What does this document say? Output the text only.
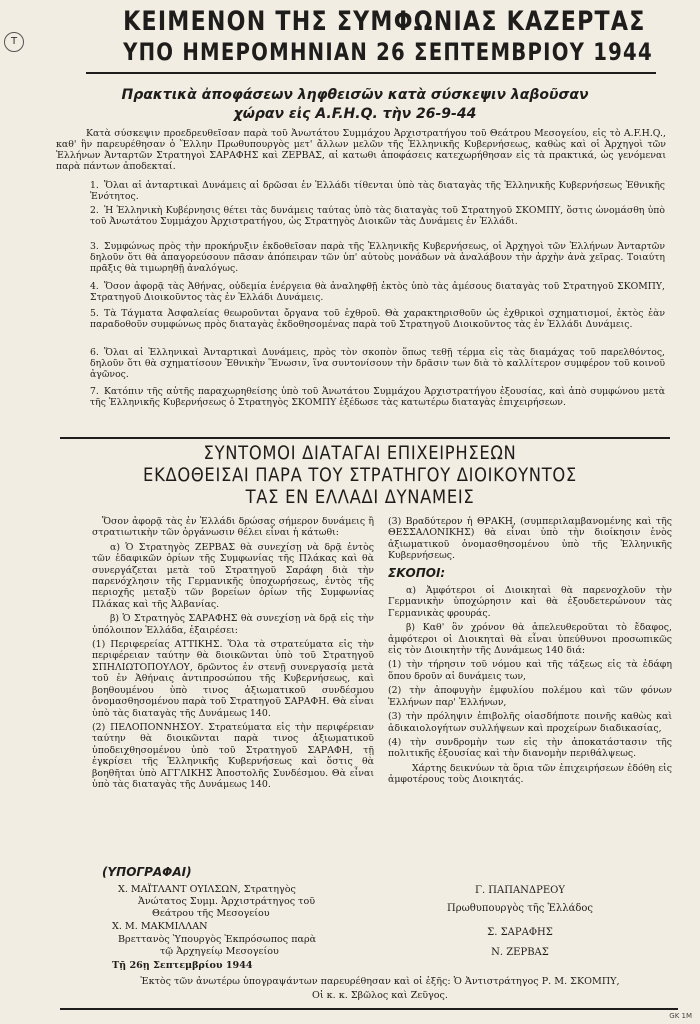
T
ΚΕΙΜΕΝΟΝ ΤΗΣ ΣΥΜΦΩΝΙΑΣ ΚΑΖΕΡΤΑΣ
ΥΠΟ ΗΜΕΡΟΜΗΝΙΑΝ 26 ΣΕΠΤΕΜΒΡΙΟΥ 1944
Πρακτικὰ ἀποφάσεων ληφθεισῶν κατὰ σύσκεψιν λαβοῦσαν
χώραν εἰς A.F.H.Q. τὴν 26-9-44
Κατὰ σύσκεψιν προεδρευθεῖσαν παρὰ τοῦ Ἀνωτάτου Συμμάχου Ἀρχιστρατήγου τοῦ Θεάτρου Μεσογείου, εἰς τὸ A.F.H.Q., καθ' ἣν παρευρέθησαν ὁ Ἕλλην Πρωθυπουργὸς μετ' ἄλλων μελῶν τῆς Ἑλληνικῆς Κυβερνήσεως, καθὼς καὶ οἱ Ἀρχηγοὶ τῶν Ἑλλήνων Ἀνταρτῶν Στρατηγοὶ ΣΑΡΑΦΗΣ καὶ ΖΕΡΒΑΣ, αἱ κατωθι ἀποφάσεις κατεχωρήθησαν εἰς τὰ πρακτικά, ὡς γενόμεναι παρὰ πάντων ἀποδεκταί.
1. Ὅλαι αἱ ἀνταρτικαὶ Δυνάμεις αἱ δρῶσαι ἐν Ἑλλάδι τίθενται ὑπὸ τὰς διαταγὰς τῆς Ἑλληνικῆς Κυβερνήσεως Ἐθνικῆς Ἑνότητος.
2. Ἡ Ἑλληνικὴ Κυβέρνησις θέτει τὰς δυνάμεις ταύτας ὑπὸ τὰς διαταγὰς τοῦ Στρατηγοῦ ΣΚΟΜΠΥ, ὅστις ὠνομάσθη ὑπὸ τοῦ Ἀνωτάτου Συμμάχου Ἀρχιστρατήγου, ὡς Στρατηγὸς Διοικῶν τὰς Δυνάμεις ἐν Ἑλλάδι.
3. Συμφώνως πρὸς τὴν προκήρυξιν ἐκδοθεῖσαν παρὰ τῆς Ἑλληνικῆς Κυβερνήσεως, οἱ Ἀρχηγοὶ τῶν Ἑλλήνων Ἀνταρτῶν δηλοῦν ὅτι θὰ ἀπαγορεύσουν πᾶσαν ἀπόπειραν τῶν ὑπ' αὐτοὺς μονάδων νὰ ἀναλάβουν τὴν ἀρχὴν ἀνὰ χεῖρας. Τοιαύτη πρᾶξις θὰ τιμωρηθῇ ἀναλόγως.
4. Ὅσον ἀφορᾷ τὰς Ἀθήνας, οὐδεμία ἐνέργεια θὰ ἀναληφθῇ ἐκτὸς ὑπὸ τὰς ἀμέσους διαταγὰς τοῦ Στρατηγοῦ ΣΚΟΜΠΥ, Στρατηγοῦ Διοικοῦντος τὰς ἐν Ἑλλάδι Δυνάμεις.
5. Τὰ Τάγματα Ἀσφαλείας θεωροῦνται ὄργανα τοῦ ἐχθροῦ. Θὰ χαρακτηρισθοῦν ὡς ἐχθρικοὶ σχηματισμοί, ἐκτὸς ἐὰν παραδοθοῦν συμφώνως πρὸς διαταγὰς ἐκδοθησομένας παρὰ τοῦ Στρατηγοῦ Διοικοῦντος τὰς ἐν Ἑλλάδι Δυνάμεις.
6. Ὅλαι αἱ Ἑλληνικαὶ Ἀνταρτικαὶ Δυνάμεις, πρὸς τὸν σκοπὸν ὅπως τεθῇ τέρμα εἰς τὰς διαμάχας τοῦ παρελθόντος, δηλοῦν ὅτι θὰ σχηματίσουν Ἐθνικὴν Ἕνωσιν, ἵνα συντονίσουν τὴν δρᾶσιν των διὰ τὸ καλλίτερον συμφέρον τοῦ κοινοῦ ἀγῶνος.
7. Κατόπιν τῆς αὐτῆς παραχωρηθείσης ὑπὸ τοῦ Ἀνωτάτου Συμμάχου Ἀρχιστρατήγου ἐξουσίας, καὶ ἀπὸ συμφώνου μετὰ τῆς Ἑλληνικῆς Κυβερνήσεως ὁ Στρατηγὸς ΣΚΟΜΠΥ ἐξέδωσε τὰς κατωτέρω διαταγὰς ἐπιχειρήσεων.
ΣΥΝΤΟΜΟΙ ΔΙΑΤΑΓΑΙ ΕΠΙΧΕΙΡΗΣΕΩΝ
ΕΚΔΟΘΕΙΣΑΙ ΠΑΡΑ ΤΟΥ ΣΤΡΑΤΗΓΟΥ ΔΙΟΙΚΟΥΝΤΟΣ
ΤΑΣ ΕΝ ΕΛΛΑΔΙ ΔΥΝΑΜΕΙΣ

Ὅσον ἀφορᾷ τὰς ἐν Ἑλλάδι δρώσας σήμερον δυνάμεις ἢ στρατιωτικὴν τῶν ὀργάνωσιν θέλει εἶναι ἡ κάτωθι:

α) Ὁ Στρατηγὸς ΖΕΡΒΑΣ θὰ συνεχίσῃ νὰ δρᾷ ἐντὸς τῶν ἐδαφικῶν ὁρίων τῆς Συμφωνίας τῆς Πλάκας καὶ θὰ συνεργάζεται μετὰ τοῦ Στρατηγοῦ Σαράφη διὰ τὴν παρενόχλησιν τῆς Γερμανικῆς ὑποχωρήσεως, ἐντὸς τῆς περιοχῆς μεταξὺ τῶν βορείων ὁρίων τῆς Συμφωνίας Πλάκας καὶ τῆς Ἀλβανίας.

β) Ὁ Στρατηγὸς ΣΑΡΑΦΗΣ θὰ συνεχίσῃ νὰ δρᾷ εἰς τὴν ὑπόλοιπον Ἑλλάδα, ἐξαιρέσει:

(1) Περιφερείας ΑΤΤΙΚΗΣ. Ὅλα τὰ στρατεύματα εἰς τὴν περιφέρειαν ταύτην θὰ διοικῶνται ὑπὸ τοῦ Στρατηγοῦ ΣΠΗΛΙΩΤΟΠΟΥΛΟΥ, δρῶντος ἐν στενῇ συνεργασίᾳ μετὰ τοῦ ἐν Ἀθήναις ἀντιπροσώπου τῆς Κυβερνήσεως, καὶ βοηθουμένου ὑπὸ τινος ἀξιωματικοῦ συνδέσμου ὀνομασθησομένου παρὰ τοῦ Στρατηγοῦ ΣΑΡΑΦΗ. Θὰ εἶναι ὑπὸ τὰς διαταγὰς τῆς Δυνάμεως 140.

(2) ΠΕΛΟΠΟΝΝΗΣΟΥ. Στρατεύματα εἰς τὴν περιφέρειαν ταύτην θὰ διοικῶνται παρὰ τινος ἀξιωματικοῦ ὑποδειχθησομένου ὑπὸ τοῦ Στρατηγοῦ ΣΑΡΑΦΗ, τῇ ἐγκρίσει τῆς Ἑλληνικῆς Κυβερνήσεως καὶ ὅστις θὰ βοηθῆται ὑπὸ ΑΓΓΛΙΚΗΣ Ἀποστολῆς Συνδέσμου. Θὰ εἶναι ὑπὸ τὰς διαταγὰς τῆς Δυνάμεως 140.

(3) Βραδύτερον ἡ ΘΡΑΚΗ, (συμπεριλαμβανομένης καὶ τῆς ΘΕΣΣΑΛΟΝΙΚΗΣ) θὰ εἶναι ὑπὸ τὴν διοίκησιν ἑνὸς ἀξιωματικοῦ ὀνομασθησομένου ὑπὸ τῆς Ἑλληνικῆς Κυβερνήσεως.

ΣΚΟΠΟΙ:

α) Ἀμφότεροι οἱ Διοικηταὶ θὰ παρενοχλοῦν τὴν Γερμανικὴν ὑποχώρησιν καὶ θὰ ἐξουδετερώνουν τὰς Γερμανικὰς φρουράς.

β) Καθ' ὃν χρόνον θὰ ἀπελευθεροῦται τὸ ἔδαφος, ἀμφότεροι οἱ Διοικηταὶ θὰ εἶναι ὑπεύθυνοι προσωπικῶς εἰς τὸν Διοικητὴν τῆς Δυνάμεως 140 διά:

(1) τὴν τήρησιν τοῦ νόμου καὶ τῆς τάξεως εἰς τὰ ἐδάφη ὅπου δροῦν αἱ δυνάμεις των,

(2) τὴν ἀποφυγὴν ἐμφυλίου πολέμου καὶ τῶν φόνων Ἑλλήνων παρ' Ἑλλήνων,

(3) τὴν πρόληψιν ἐπιβολῆς οἱασδήποτε ποινῆς καθὼς καὶ ἀδικαιολογήτων συλλήψεων καὶ προχείρων διαδικασίας,

(4) τὴν συνδρομὴν των εἰς τὴν ἀποκατάστασιν τῆς πολιτικῆς ἐξουσίας καὶ τὴν διανομὴν περιθάλψεως.

Χάρτης δεικνύων τὰ ὅρια τῶν ἐπιχειρήσεων ἐδόθη εἰς ἀμφοτέρους τοὺς Διοικητάς.

(ΥΠΟΓΡΑΦΑΙ)
Χ. ΜΑΪΤΛΑΝΤ ΟΥΙΛΣΩΝ, Στρατηγὸς
Ἀνώτατος Συμμ. Ἀρχιστράτηγος τοῦ
Θεάτρου τῆς Μεσογείου
Χ. Μ. ΜΑΚΜΙΛΛΑΝ
Βρεττανὸς Ὑπουργὸς Ἐκπρόσωπος παρὰ
τῷ Ἀρχηγείῳ Μεσογείου
Τῇ 26ῃ Σεπτεμβρίου 1944
Γ. ΠΑΠΑΝΔΡΕΟΥ
Πρωθυπουργὸς τῆς Ἑλλάδος
Σ. ΣΑΡΑΦΗΣ
Ν. ΖΕΡΒΑΣ
Ἐκτὸς τῶν ἀνωτέρω ὑπογραψάντων παρευρέθησαν καὶ οἱ ἑξῆς: Ὁ Ἀντιστράτηγος Ρ. Μ. ΣΚΟΜΠΥ,
Οἱ κ. κ. Σβῶλος καὶ Ζεῦγος.
GK 1M
